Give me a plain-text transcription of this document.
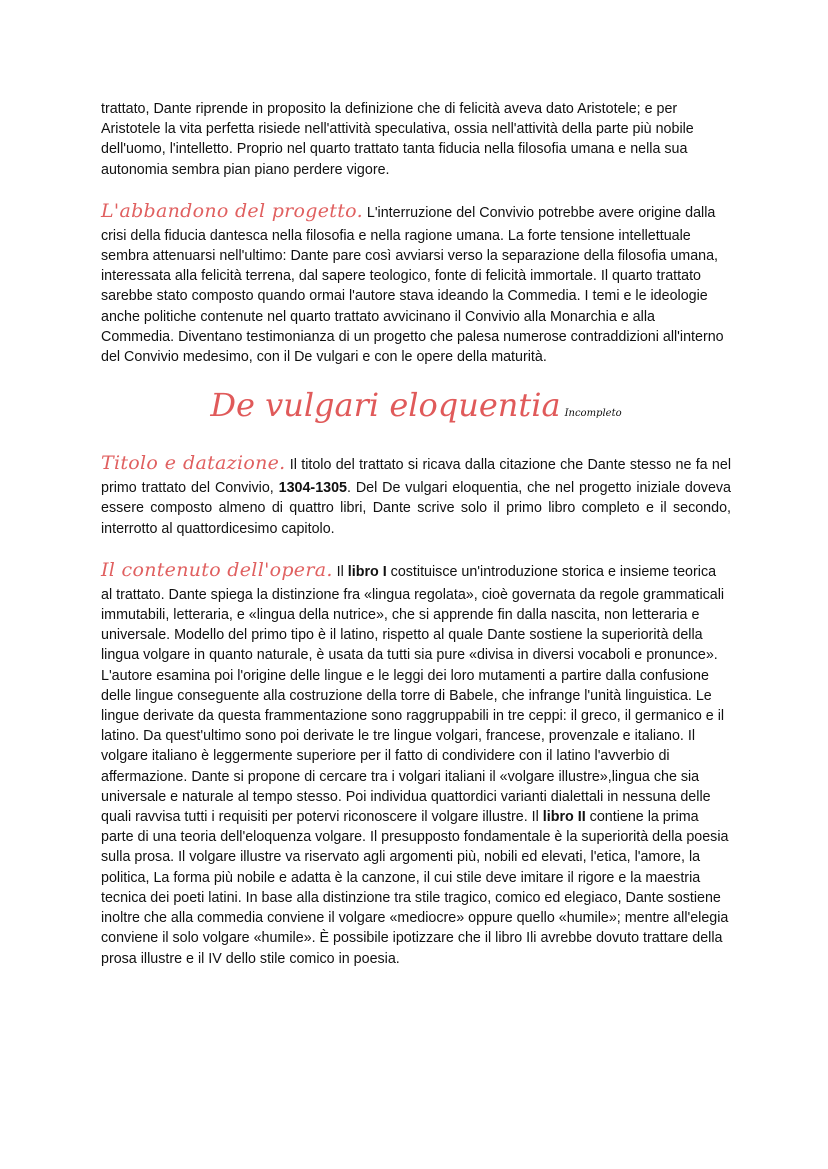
trattato, Dante riprende in proposito la definizione che di felicità aveva dato Aristotele; e per Aristotele la vita perfetta risiede nell'attività speculativa, ossia nell'attività della parte più nobile dell'uomo, l'intelletto. Proprio nel quarto trattato tanta fiducia nella filosofia umana e nella sua autonomia sembra pian piano perdere vigore.

L'abbandono del progetto. L'interruzione del Convivio potrebbe avere origine dalla crisi della fiducia dantesca nella filosofia e nella ragione umana. La forte tensione intellettuale sembra attenuarsi nell'ultimo: Dante pare così avviarsi verso la separazione della filosofia umana, interessata alla felicità terrena, dal sapere teologico, fonte di felicità immortale. Il quarto trattato sarebbe stato composto quando ormai l'autore stava ideando la Commedia. I temi e le ideologie anche politiche contenute nel quarto trattato avvicinano il Convivio alla Monarchia e alla Commedia. Diventano testimonianza di un progetto che palesa numerose contraddizioni all'interno del Convivio medesimo, con il De vulgari e con le opere della maturità.

De vulgari eloquentia Incompleto

Titolo e datazione. Il titolo del trattato si ricava dalla citazione che Dante stesso ne fa nel primo trattato del Convivio, 1304-1305. Del De vulgari eloquentia, che nel progetto iniziale doveva essere composto almeno di quattro libri, Dante scrive solo il primo libro completo e il secondo, interrotto al quattordicesimo capitolo.

Il contenuto dell'opera. Il libro I costituisce un'introduzione storica e insieme teorica al trattato. Dante spiega la distinzione fra «lingua regolata», cioè governata da regole grammaticali immutabili, letteraria, e «lingua della nutrice», che si apprende fin dalla nascita, non letteraria e universale. Modello del primo tipo è il latino, rispetto al quale Dante sostiene la superiorità della lingua volgare in quanto naturale, è usata da tutti sia pure «divisa in diversi vocaboli e pronunce». L'autore esamina poi l'origine delle lingue e le leggi dei loro mutamenti a partire dalla confusione delle lingue conseguente alla costruzione della torre di Babele, che infrange l'unità linguistica. Le lingue derivate da questa frammentazione sono raggruppabili in tre ceppi: il greco, il germanico e il latino. Da quest'ultimo sono poi derivate le tre lingue volgari, francese, provenzale e italiano. Il volgare italiano è leggermente superiore per il fatto di condividere con il latino l'avverbio di affermazione. Dante si propone di cercare tra i volgari italiani il «volgare illustre»,lingua che sia universale e naturale al tempo stesso. Poi individua quattordici varianti dialettali in nessuna delle quali ravvisa tutti i requisiti per potervi riconoscere il volgare illustre. Il libro II contiene la prima parte di una teoria dell'eloquenza volgare. Il presupposto fondamentale è la superiorità della poesia sulla prosa. Il volgare illustre va riservato agli argomenti più, nobili ed elevati, l'etica, l'amore, la politica, La forma più nobile e adatta è la canzone, il cui stile deve imitare il rigore e la maestria tecnica dei poeti latini. In base alla distinzione tra stile tragico, comico ed elegiaco, Dante sostiene inoltre che alla commedia conviene il volgare «mediocre» oppure quello «humile»; mentre all'elegia conviene il solo volgare «humile». È possibile ipotizzare che il libro Ili avrebbe dovuto trattare della prosa illustre e il IV dello stile comico in poesia.
